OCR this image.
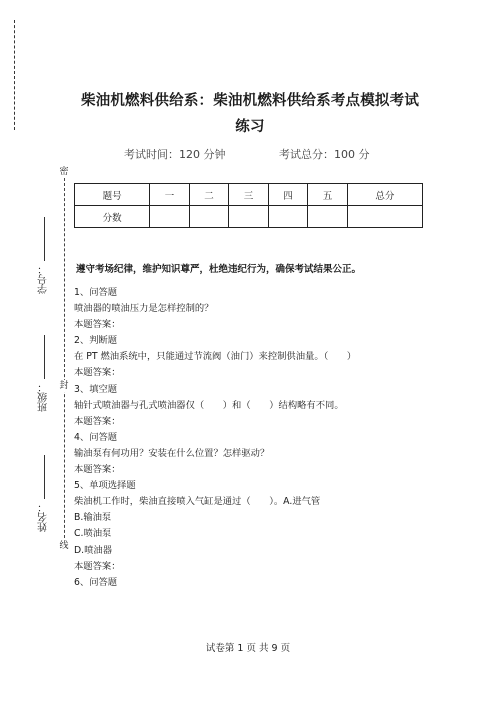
密
封
线
学号：
班级：
姓名：
柴油机燃料供给系：柴油机燃料供给系考点模拟考试
练习
考试时间：120 分钟	考试总分：100 分
题号	一	二	三	四	五	总分
分数						
遵守考场纪律，维护知识尊严，杜绝违纪行为，确保考试结果公正。
1、问答题
喷油器的喷油压力是怎样控制的？
本题答案：
2、判断题
在 PT 燃油系统中，只能通过节流阀（油门）来控制供油量。（　　）
本题答案：
3、填空题
轴针式喷油器与孔式喷油器仅（　　）和（　　）结构略有不同。
本题答案：
4、问答题
输油泵有何功用？安装在什么位置？怎样驱动？
本题答案：
5、单项选择题
柴油机工作时，柴油直接喷入气缸是通过（　　）。A.进气管
B.输油泵
C.喷油泵
D.喷油器
本题答案：
6、问答题
试卷第 1 页 共 9 页
